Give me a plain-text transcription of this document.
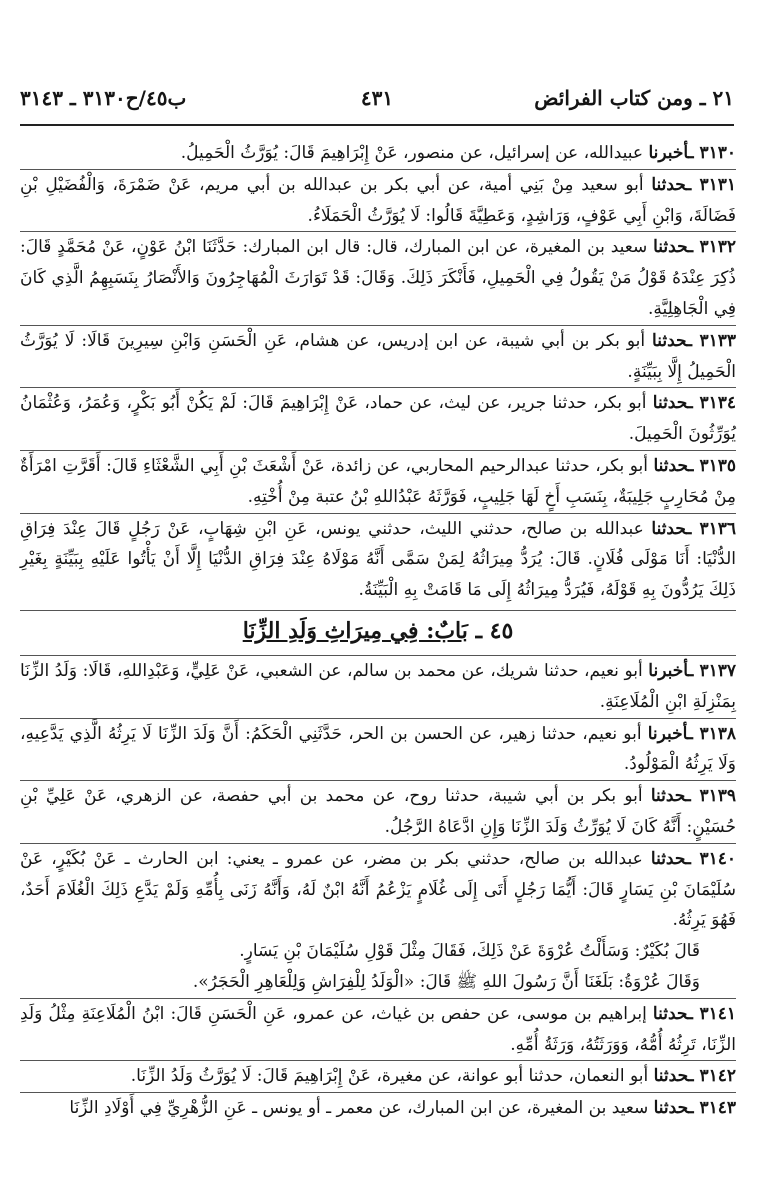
٢١ ـ ومن كتاب الفرائض
٤٣١
ب٤٥/ح٣١٣٠ ـ ٣١٤٣

٣١٣٠ ـأخبرنا عبيدالله، عن إسرائيل، عن منصور، عَنْ إِبْرَاهِيمَ قَالَ: يُوَرَّثُ الْحَمِيلُ.

٣١٣١ ـحدثنا أبو سعيد مِنْ بَنِي أمية، عن أبي بكر بن عبدالله بن أبي مريم، عَنْ ضَمْرَةَ، وَالْفُضَيْلِ بْنِ فَضَالَةَ، وَابْنِ أَبِي عَوْفٍ، وَرَاشِدٍ، وَعَطِيَّةَ قَالُوا: لَا يُوَرَّثُ الْحَمَلَاءُ.

٣١٣٢ ـحدثنا سعيد بن المغيرة، عن ابن المبارك، قال: قال ابن المبارك: حَدَّثَنَا ابْنُ عَوْنٍ، عَنْ مُحَمَّدٍ قَالَ: ذُكِرَ عِنْدَهُ قَوْلُ مَنْ يَقُولُ فِي الْحَمِيلِ، فَأَنْكَرَ ذَلِكَ. وَقَالَ: قَدْ تَوَارَثَ الْمُهَاجِرُونَ وَالأَنْصَارُ بِنَسَبِهِمُ الَّذِي كَانَ فِي الْجَاهِلِيَّةِ.

٣١٣٣ ـحدثنا أبو بكر بن أبي شيبة، عن ابن إدريس، عن هشام، عَنِ الْحَسَنِ وَابْنِ سِيرِينَ قَالَا: لَا يُوَرَّثُ الْحَمِيلُ إِلَّا بِبَيِّنَةٍ.

٣١٣٤ ـحدثنا أبو بكر، حدثنا جرير، عن ليث، عن حماد، عَنْ إِبْرَاهِيمَ قَالَ: لَمْ يَكُنْ أَبُو بَكْرٍ، وَعُمَرُ، وَعُثْمَانُ يُوَرِّثُونَ الْحَمِيلَ.

٣١٣٥ ـحدثنا أبو بكر، حدثنا عبدالرحيم المحاربي، عن زائدة، عَنْ أَشْعَثَ بْنِ أَبِي الشَّعْثَاءِ قَالَ: أَقَرَّتِ امْرَأَةٌ مِنْ مُحَارِبٍ جَلِيبَةٌ، بِنَسَبِ أَخٍ لَهَا جَلِيبٍ، فَوَرَّثَهُ عَبْدُاللهِ بْنُ عتبة مِنْ أُخْتِهِ.

٣١٣٦ ـحدثنا عبدالله بن صالح، حدثني الليث، حدثني يونس، عَنِ ابْنِ شِهَابٍ، عَنْ رَجُلٍ قَالَ عِنْدَ فِرَاقِ الدُّنْيَا: أَنَا مَوْلَى فُلَانٍ. قَالَ: يُرَدُّ مِيرَاثُهُ لِمَنْ سَمَّى أَنَّهُ مَوْلَاهُ عِنْدَ فِرَاقِ الدُّنْيَا إِلَّا أَنْ يَأْتُوا عَلَيْهِ بِبَيِّنَةٍ بِغَيْرِ ذَلِكَ يَرُدُّونَ بِهِ قَوْلَهُ، فَيُرَدُّ مِيرَاثُهُ إِلَى مَا قَامَتْ بِهِ الْبَيِّنَةُ.

٤٥ ـ بَابٌ: فِي مِيرَاثِ وَلَدِ الزِّنَا

٣١٣٧ ـأخبرنا أبو نعيم، حدثنا شريك، عن محمد بن سالم، عن الشعبي، عَنْ عَلِيٍّ، وَعَبْدِاللهِ، قَالَا: وَلَدُ الزِّنَا بِمَنْزِلَةِ ابْنِ الْمُلَاعِنَةِ.

٣١٣٨ ـأخبرنا أبو نعيم، حدثنا زهير، عن الحسن بن الحر، حَدَّثَنِي الْحَكَمُ: أَنَّ وَلَدَ الزِّنَا لَا يَرِثُهُ الَّذِي يَدَّعِيهِ، وَلَا يَرِثُهُ الْمَوْلُودُ.

٣١٣٩ ـحدثنا أبو بكر بن أبي شيبة، حدثنا روح، عن محمد بن أبي حفصة، عن الزهري، عَنْ عَلِيِّ بْنِ حُسَيْنٍ: أَنَّهُ كَانَ لَا يُوَرِّثُ وَلَدَ الزِّنَا وَإِنِ ادَّعَاهُ الرَّجُلُ.

٣١٤٠ ـحدثنا عبدالله بن صالح، حدثني بكر بن مضر، عن عمرو ـ يعني: ابن الحارث ـ عَنْ بُكَيْرٍ، عَنْ سُلَيْمَانَ بْنِ يَسَارٍ قَالَ: أَيُّمَا رَجُلٍ أَتَى إِلَى غُلَامٍ يَزْعُمُ أَنَّهُ ابْنٌ لَهُ، وَأَنَّهُ زَنَى بِأُمِّهِ وَلَمْ يَدَّعِ ذَلِكَ الْغُلَامَ أَحَدٌ، فَهُوَ يَرِثُهُ.

قَالَ بُكَيْرٌ: وَسَأَلْتُ عُرْوَةَ عَنْ ذَلِكَ، فَقَالَ مِثْلَ قَوْلِ سُلَيْمَانَ بْنِ يَسَارٍ.

وَقَالَ عُرْوَةُ: بَلَغَنَا أَنَّ رَسُولَ اللهِ ﷺ قَالَ: «الْوَلَدُ لِلْفِرَاشِ وَلِلْعَاهِرِ الْحَجَرُ».

٣١٤١ ـحدثنا إبراهيم بن موسى، عن حفص بن غياث، عن عمرو، عَنِ الْحَسَنِ قَالَ: ابْنُ الْمُلَاعِنَةِ مِثْلُ وَلَدِ الزِّنَا، تَرِثُهُ أُمُّهُ، وَوَرَثَتُهُ، وَرَثَةُ أُمِّهِ.

٣١٤٢ ـحدثنا أبو النعمان، حدثنا أبو عوانة، عن مغيرة، عَنْ إِبْرَاهِيمَ قَالَ: لَا يُوَرَّثُ وَلَدُ الزِّنَا.

٣١٤٣ ـحدثنا سعيد بن المغيرة، عن ابن المبارك، عن معمر ـ أو يونس ـ عَنِ الزُّهْرِيِّ فِي أَوْلَادِ الزِّنَا
